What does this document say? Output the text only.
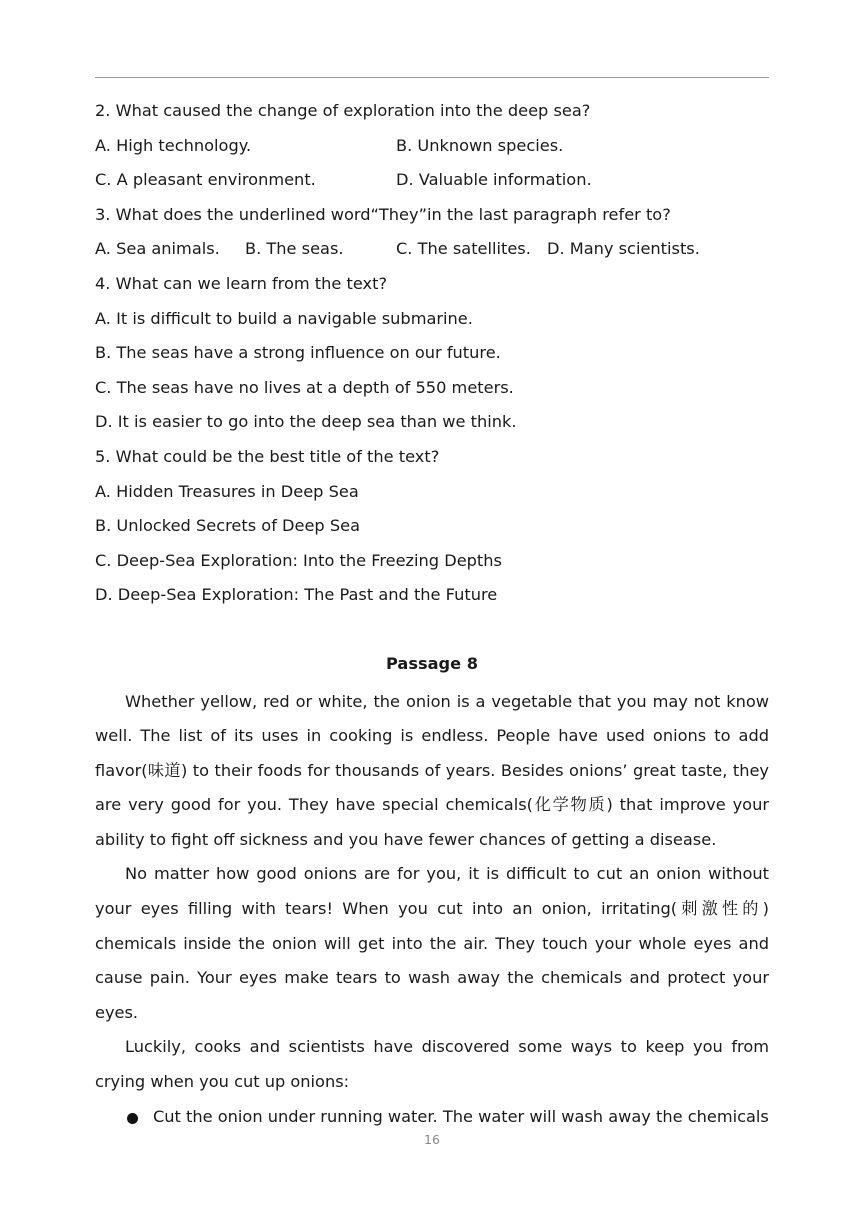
2. What caused the change of exploration into the deep sea?
A. High technology.	B. Unknown species.
C. A pleasant environment.	D. Valuable information.
3. What does the underlined word“They”in the last paragraph refer to?
A. Sea animals. B. The seas.	C. The satellites. D. Many scientists.
4. What can we learn from the text?
A. It is difficult to build a navigable submarine.
B. The seas have a strong influence on our future.
C. The seas have no lives at a depth of 550 meters.
D. It is easier to go into the deep sea than we think.
5. What could be the best title of the text?
A. Hidden Treasures in Deep Sea
B. Unlocked Secrets of Deep Sea
C. Deep-Sea Exploration: Into the Freezing Depths
D. Deep-Sea Exploration: The Past and the Future
Passage 8

Whether yellow, red or white, the onion is a vegetable that you may not know well. The list of its uses in cooking is endless. People have used onions to add flavor(味道) to their foods for thousands of years. Besides onions’ great taste, they are very good for you. They have special chemicals(化学物质) that improve your ability to fight off sickness and you have fewer chances of getting a disease.

No matter how good onions are for you, it is difficult to cut an onion without your eyes filling with tears! When you cut into an onion, irritating(刺激性的) chemicals inside the onion will get into the air. They touch your whole eyes and cause pain. Your eyes make tears to wash away the chemicals and protect your eyes.

Luckily, cooks and scientists have discovered some ways to keep you from crying when you cut up onions:

Cut the onion under running water. The water will wash away the chemicals
16
